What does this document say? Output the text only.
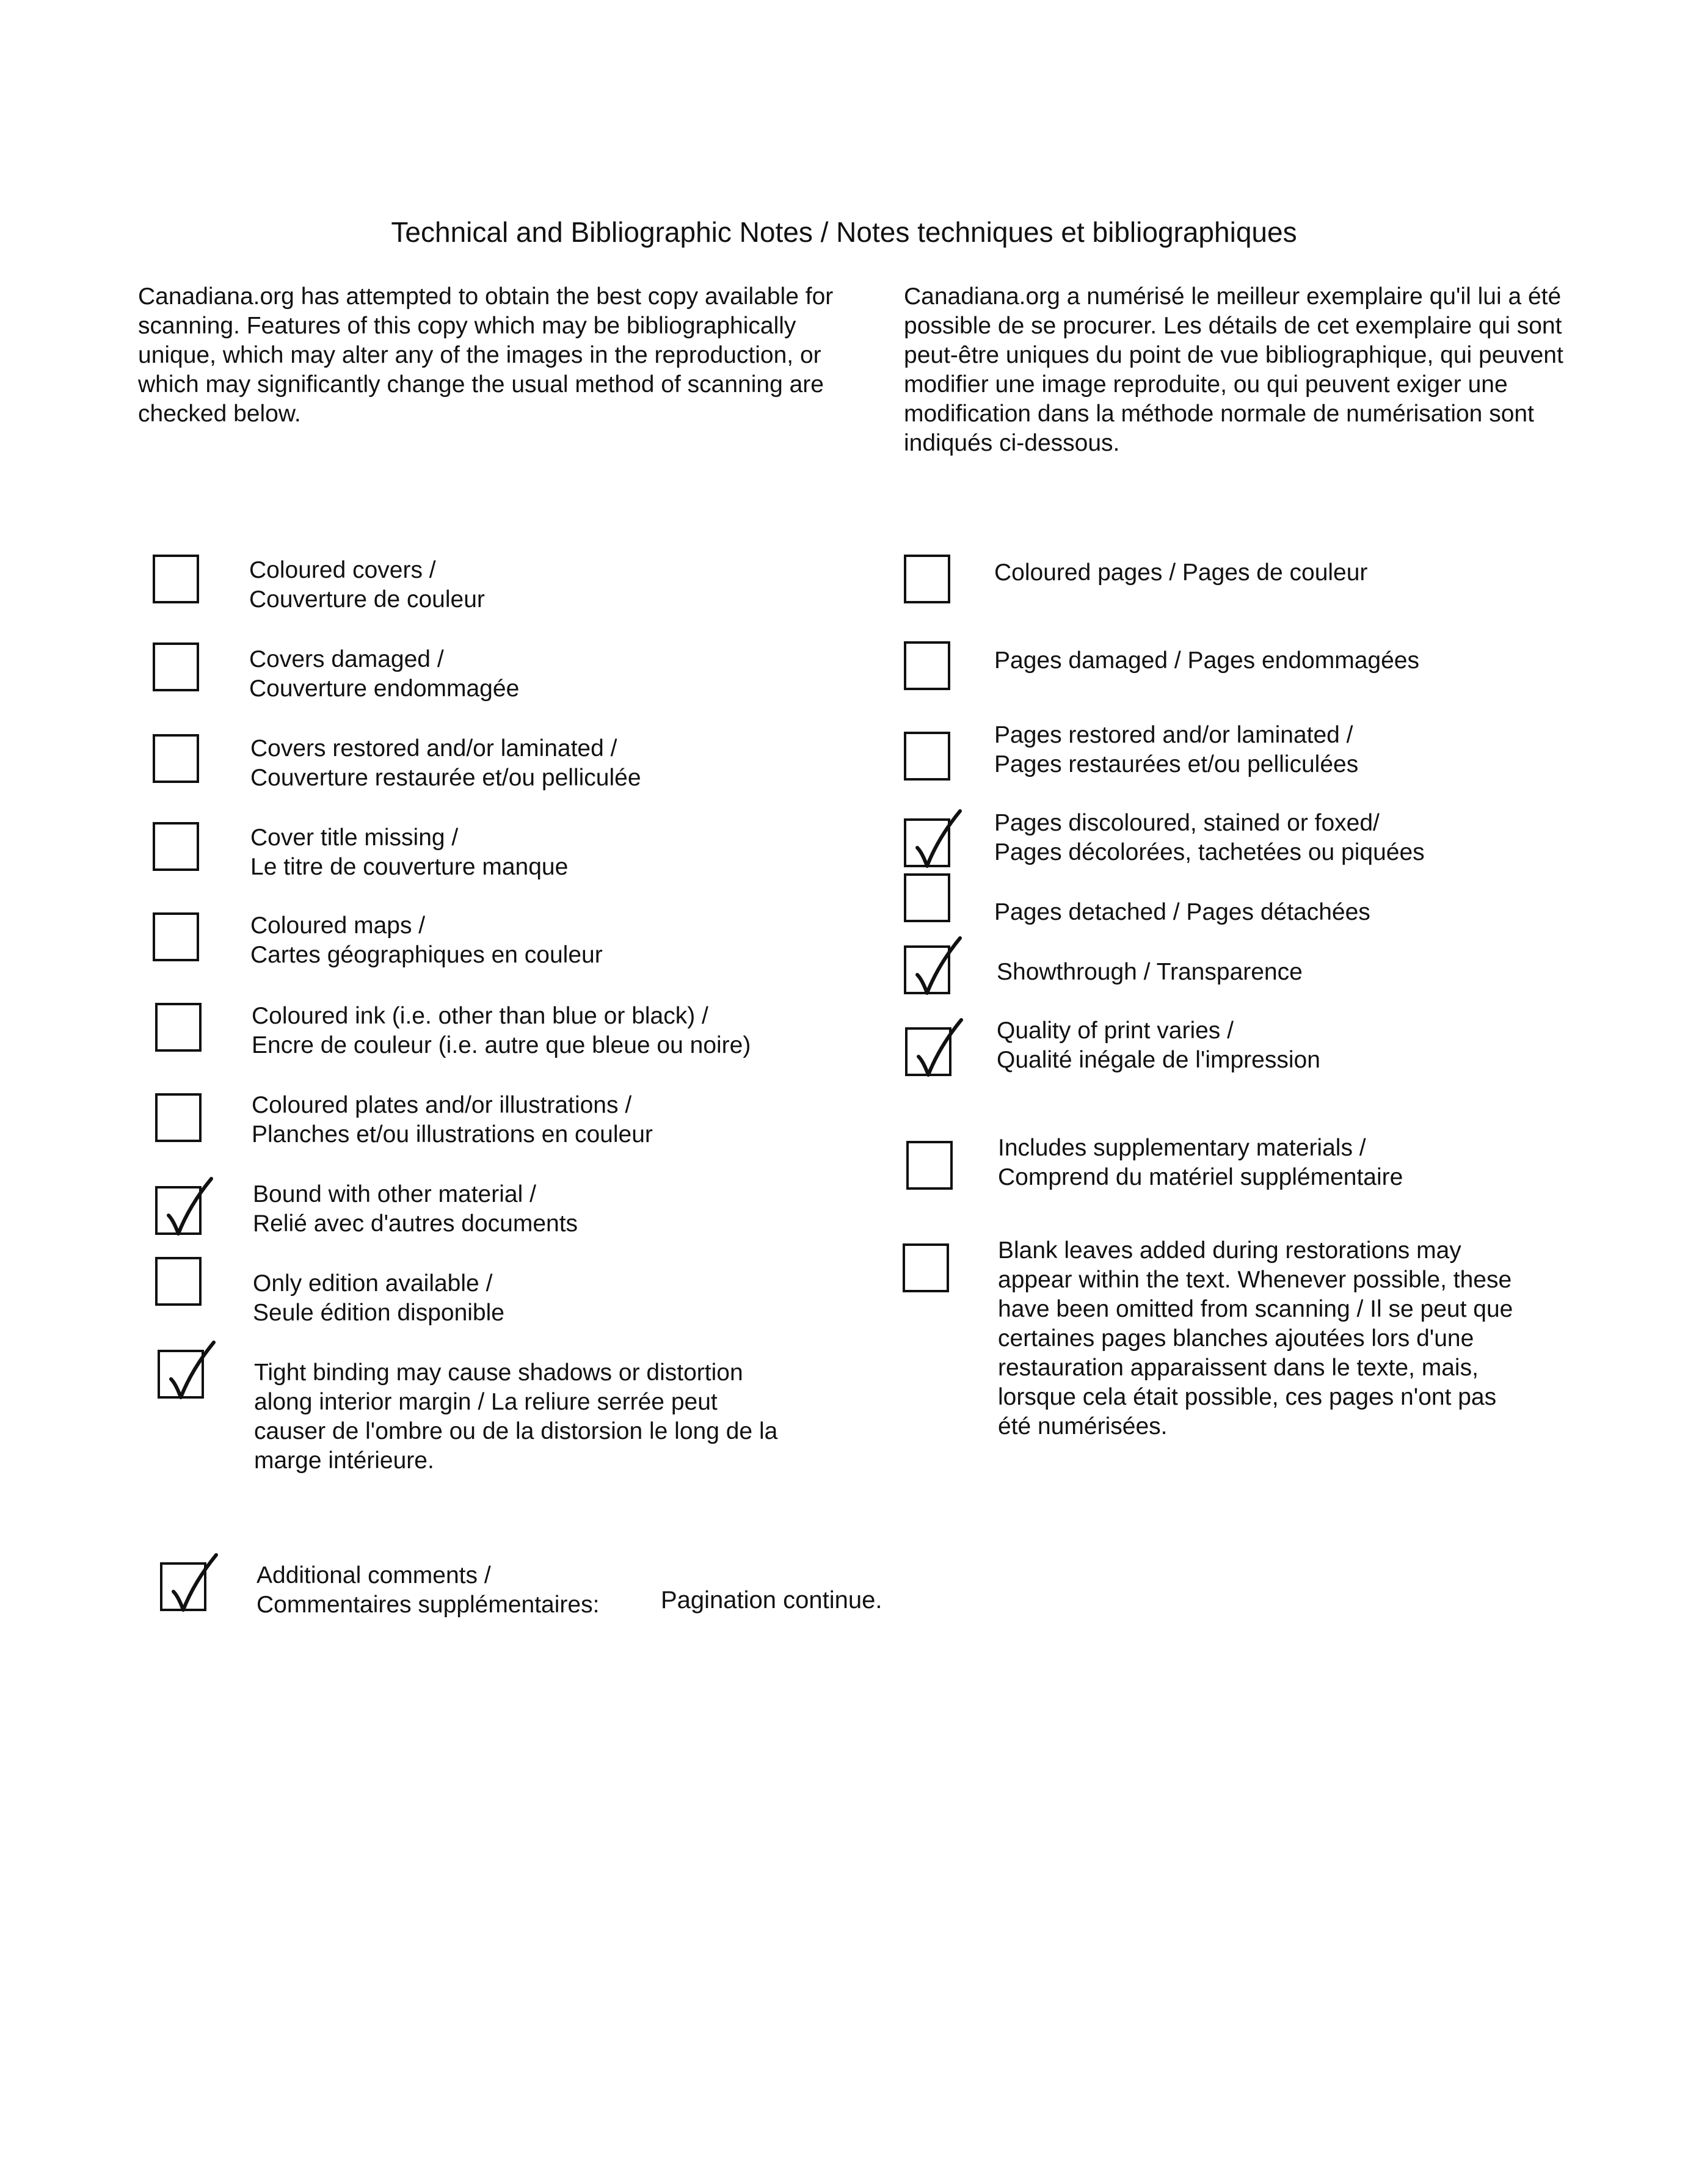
Technical and Bibliographic Notes / Notes techniques et bibliographiques

Canadiana.org has attempted to obtain the best copy available for scanning. Features of this copy which may be bibliographically unique, which may alter any of the images in the reproduction, or which may significantly change the usual method of scanning are checked below.

Canadiana.org a numérisé le meilleur exemplaire qu'il lui a été possible de se procurer. Les détails de cet exemplaire qui sont peut-être uniques du point de vue bibliographique, qui peuvent modifier une image reproduite, ou qui peuvent exiger une modification dans la méthode normale de numérisation sont indiqués ci-dessous.

Coloured covers /
Couverture de couleur
Covers damaged /
Couverture endommagée
Covers restored and/or laminated /
Couverture restaurée et/ou pelliculée
Cover title missing /
Le titre de couverture manque
Coloured maps /
Cartes géographiques en couleur
Coloured ink (i.e. other than blue or black) /
Encre de couleur (i.e. autre que bleue ou noire)
Coloured plates and/or illustrations /
Planches et/ou illustrations en couleur
Bound with other material /
Relié avec d'autres documents
Only edition available /
Seule édition disponible
Tight binding may cause shadows or distortion
along interior margin / La reliure serrée peut
causer de l'ombre ou de la distorsion le long de la
marge intérieure.
Coloured pages / Pages de couleur
Pages damaged / Pages endommagées
Pages restored and/or laminated /
Pages restaurées et/ou pelliculées
Pages discoloured, stained or foxed/
Pages décolorées, tachetées ou piquées
Pages detached / Pages détachées
Showthrough / Transparence
Quality of print varies /
Qualité inégale de l'impression
Includes supplementary materials /
Comprend du matériel supplémentaire
Blank leaves added during restorations may
appear within the text. Whenever possible, these
have been omitted from scanning / Il se peut que
certaines pages blanches ajoutées lors d'une
restauration apparaissent dans le texte, mais,
lorsque cela était possible, ces pages n'ont pas
été numérisées.
Additional comments /
Commentaires supplémentaires:	Pagination continue.
